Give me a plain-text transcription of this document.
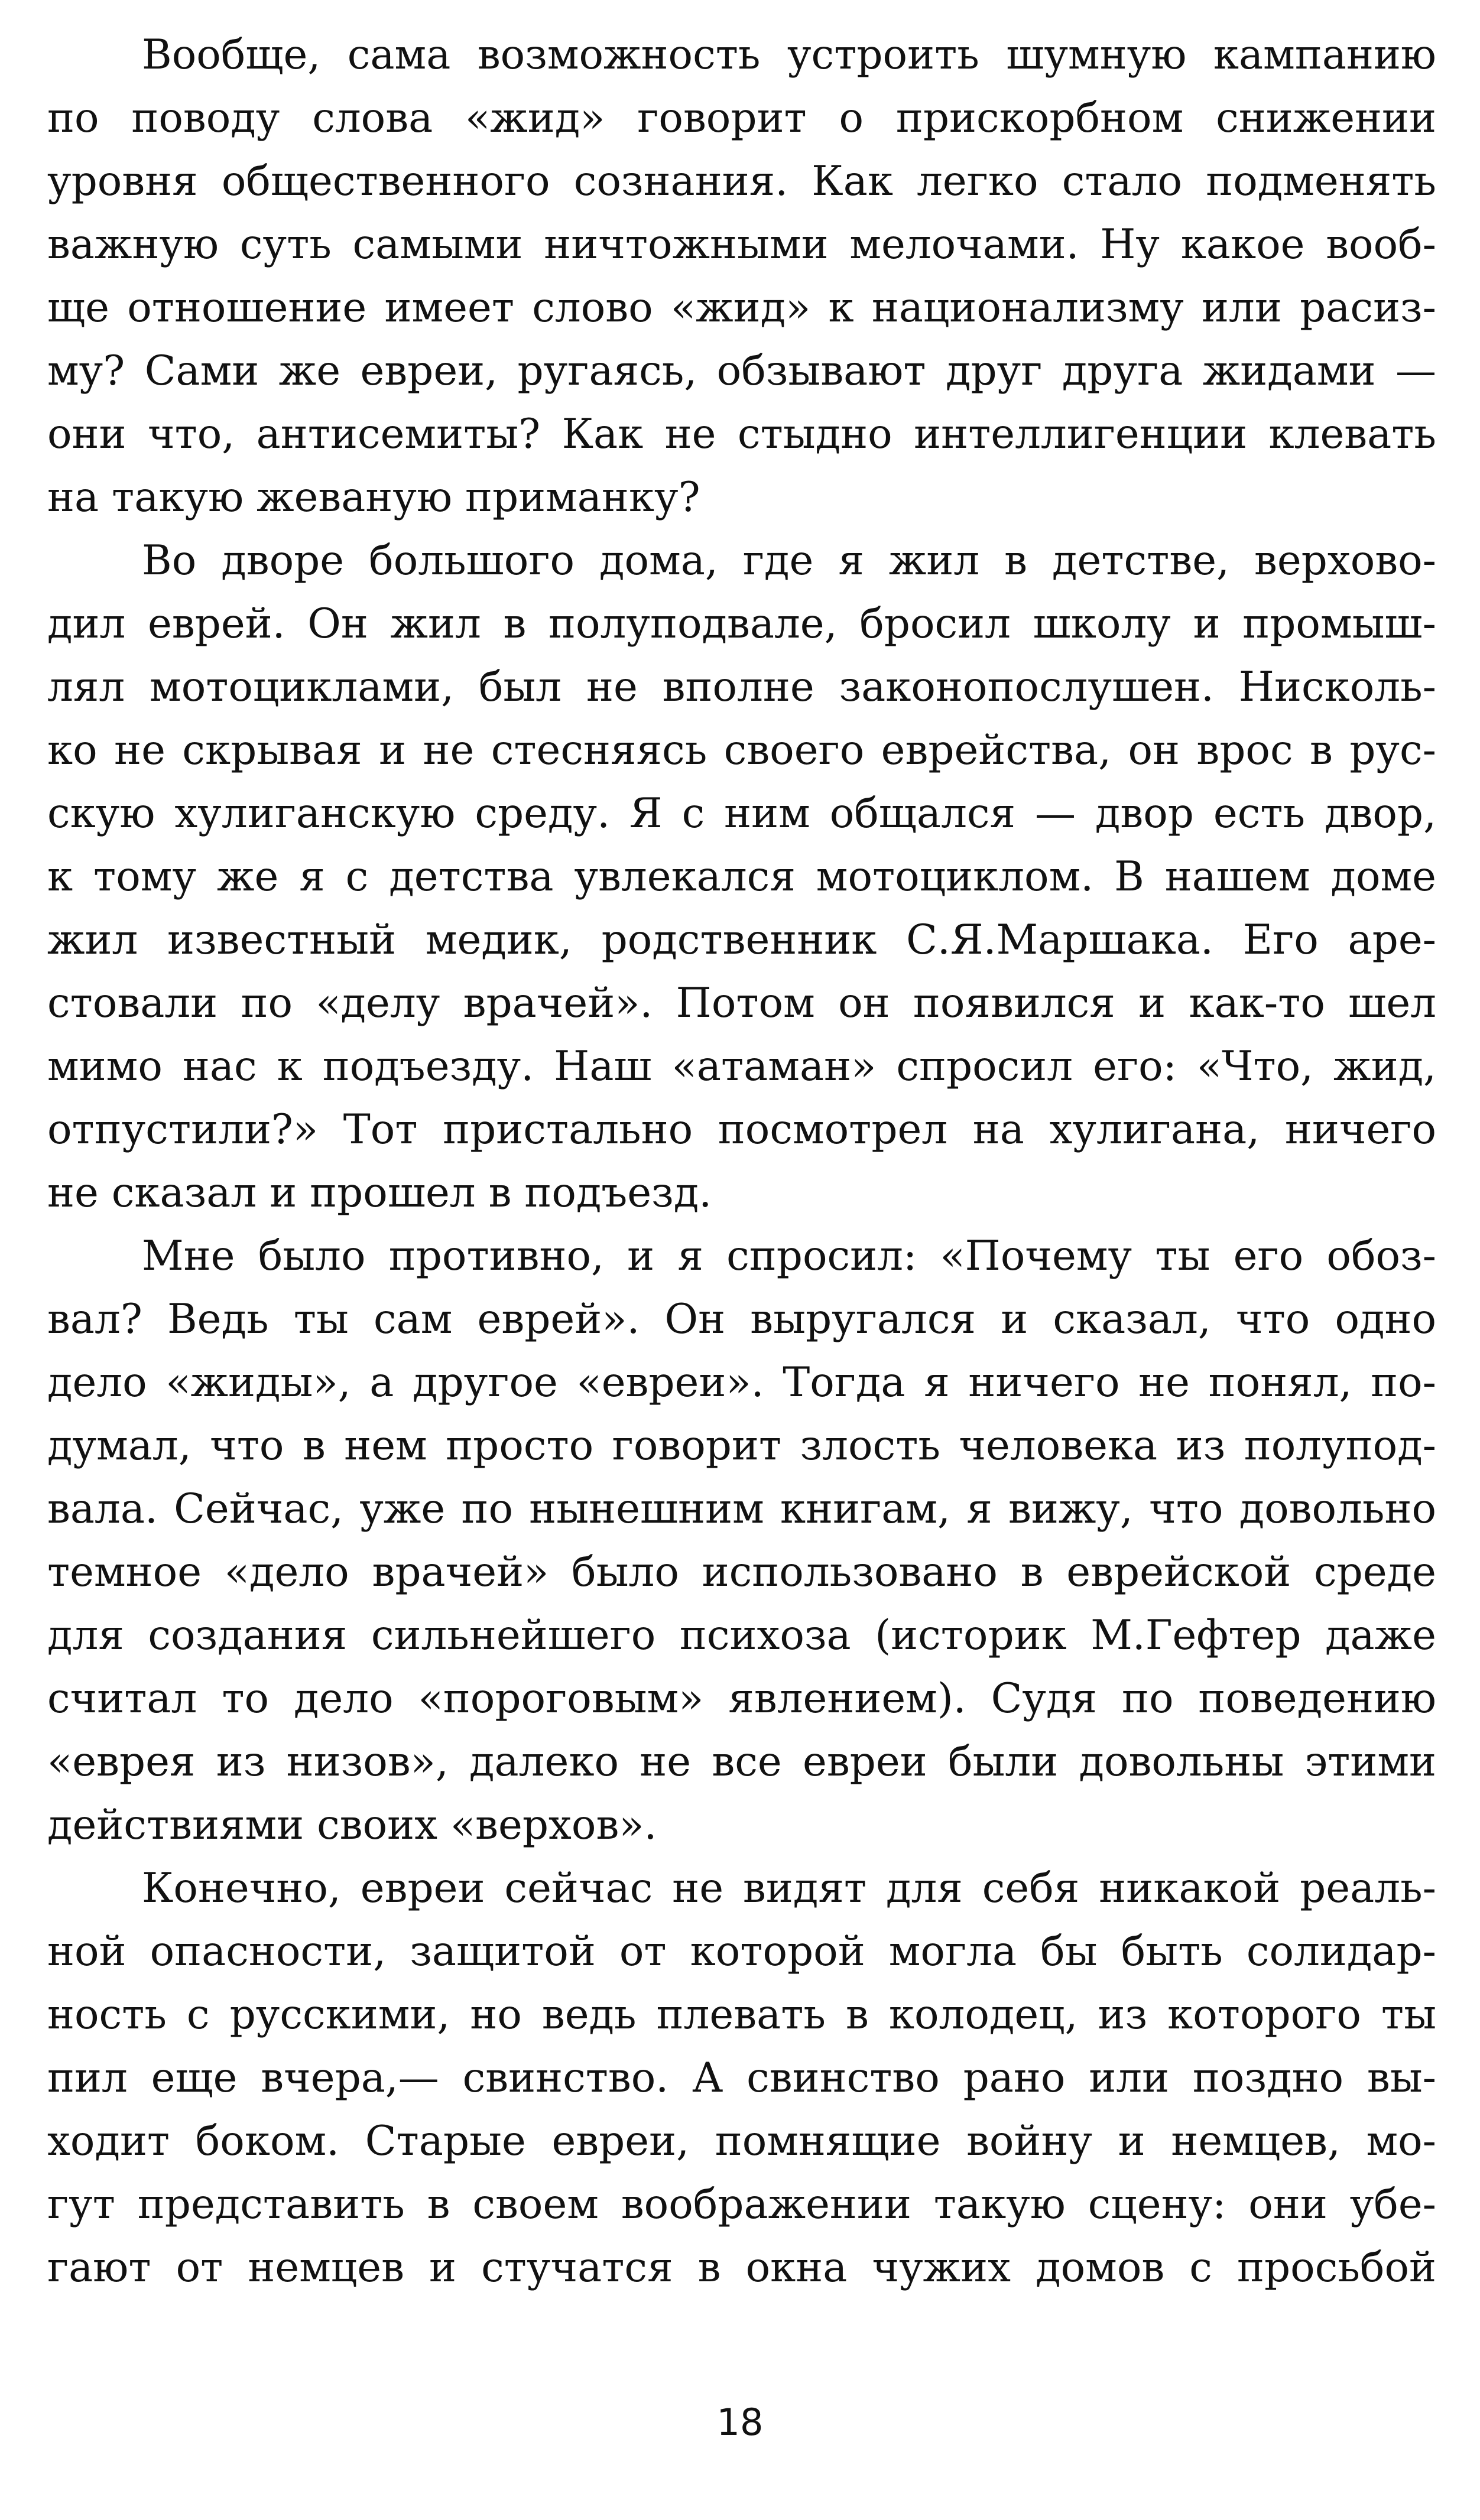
Вообще, сама возможность устроить шумную кампанию

по поводу слова «жид» говорит о прискорбном снижении

уровня общественного сознания. Как легко стало подменять

важную суть самыми ничтожными мелочами. Ну какое вооб-

ще отношение имеет слово «жид» к национализму или расиз-

му? Сами же евреи, ругаясь, обзывают друг друга жидами —

они что, антисемиты? Как не стыдно интеллигенции клевать

на такую жеваную приманку?

Во дворе большого дома, где я жил в детстве, верхово-

дил еврей. Он жил в полуподвале, бросил школу и промыш-

лял мотоциклами, был не вполне законопослушен. Нисколь-

ко не скрывая и не стесняясь своего еврейства, он врос в рус-

скую хулиганскую среду. Я с ним общался — двор есть двор,

к тому же я с детства увлекался мотоциклом. В нашем доме

жил известный медик, родственник С.Я.Маршака. Его аре-

стовали по «делу врачей». Потом он появился и как-то шел

мимо нас к подъезду. Наш «атаман» спросил его: «Что, жид,

отпустили?» Тот пристально посмотрел на хулигана, ничего

не сказал и прошел в подъезд.

Мне было противно, и я спросил: «Почему ты его обоз-

вал? Ведь ты сам еврей». Он выругался и сказал, что одно

дело «жиды», а другое «евреи». Тогда я ничего не понял, по-

думал, что в нем просто говорит злость человека из полупод-

вала. Сейчас, уже по нынешним книгам, я вижу, что довольно

темное «дело врачей» было использовано в еврейской среде

для создания сильнейшего психоза (историк М.Гефтер даже

считал то дело «пороговым» явлением). Судя по поведению

«еврея из низов», далеко не все евреи были довольны этими

действиями своих «верхов».

Конечно, евреи сейчас не видят для себя никакой реаль-

ной опасности, защитой от которой могла бы быть солидар-

ность с русскими, но ведь плевать в колодец, из которого ты

пил еще вчера,— свинство. А свинство рано или поздно вы-

ходит боком. Старые евреи, помнящие войну и немцев, мо-

гут представить в своем воображении такую сцену: они убе-

гают от немцев и стучатся в окна чужих домов с просьбой

18
